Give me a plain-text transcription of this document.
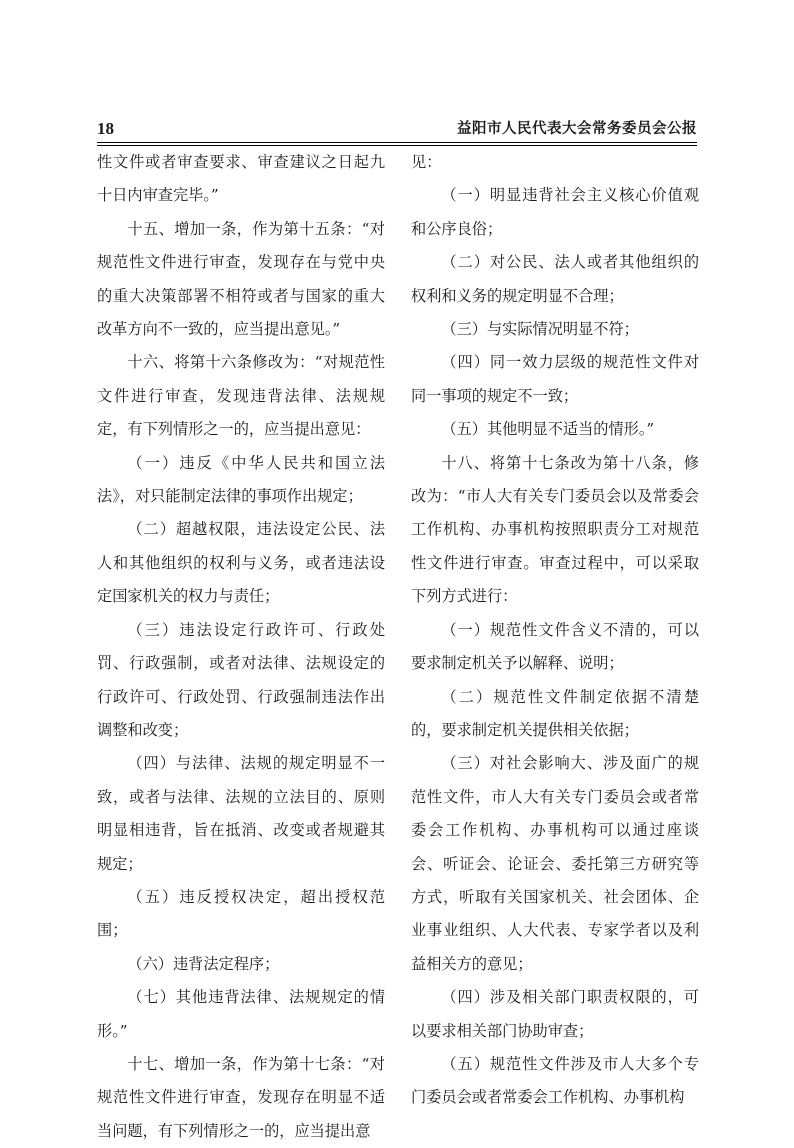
18	益阳市人民代表大会常务委员会公报

性文件或者审查要求、审查建议之日起九十日内审查完毕。”

十五、增加一条，作为第十五条：“对规范性文件进行审查，发现存在与党中央的重大决策部署不相符或者与国家的重大改革方向不一致的，应当提出意见。”

十六、将第十六条修改为：“对规范性文件进行审查，发现违背法律、法规规定，有下列情形之一的，应当提出意见：

（一）违反《中华人民共和国立法法》，对只能制定法律的事项作出规定；

（二）超越权限，违法设定公民、法人和其他组织的权利与义务，或者违法设定国家机关的权力与责任；

（三）违法设定行政许可、行政处罚、行政强制，或者对法律、法规设定的行政许可、行政处罚、行政强制违法作出调整和改变；

（四）与法律、法规的规定明显不一致，或者与法律、法规的立法目的、原则明显相违背，旨在抵消、改变或者规避其规定；

（五）违反授权决定，超出授权范围；

（六）违背法定程序；

（七）其他违背法律、法规规定的情形。”

十七、增加一条，作为第十七条：“对规范性文件进行审查，发现存在明显不适当问题，有下列情形之一的，应当提出意

见：

（一）明显违背社会主义核心价值观和公序良俗；

（二）对公民、法人或者其他组织的权利和义务的规定明显不合理；

（三）与实际情况明显不符；

（四）同一效力层级的规范性文件对同一事项的规定不一致；

（五）其他明显不适当的情形。”

十八、将第十七条改为第十八条，修改为：“市人大有关专门委员会以及常委会工作机构、办事机构按照职责分工对规范性文件进行审查。审查过程中，可以采取下列方式进行：

（一）规范性文件含义不清的，可以要求制定机关予以解释、说明；

（二）规范性文件制定依据不清楚的，要求制定机关提供相关依据；

（三）对社会影响大、涉及面广的规范性文件，市人大有关专门委员会或者常委会工作机构、办事机构可以通过座谈会、听证会、论证会、委托第三方研究等方式，听取有关国家机关、社会团体、企业事业组织、人大代表、专家学者以及利益相关方的意见；

（四）涉及相关部门职责权限的，可以要求相关部门协助审查；

（五）规范性文件涉及市人大多个专门委员会或者常委会工作机构、办事机构
